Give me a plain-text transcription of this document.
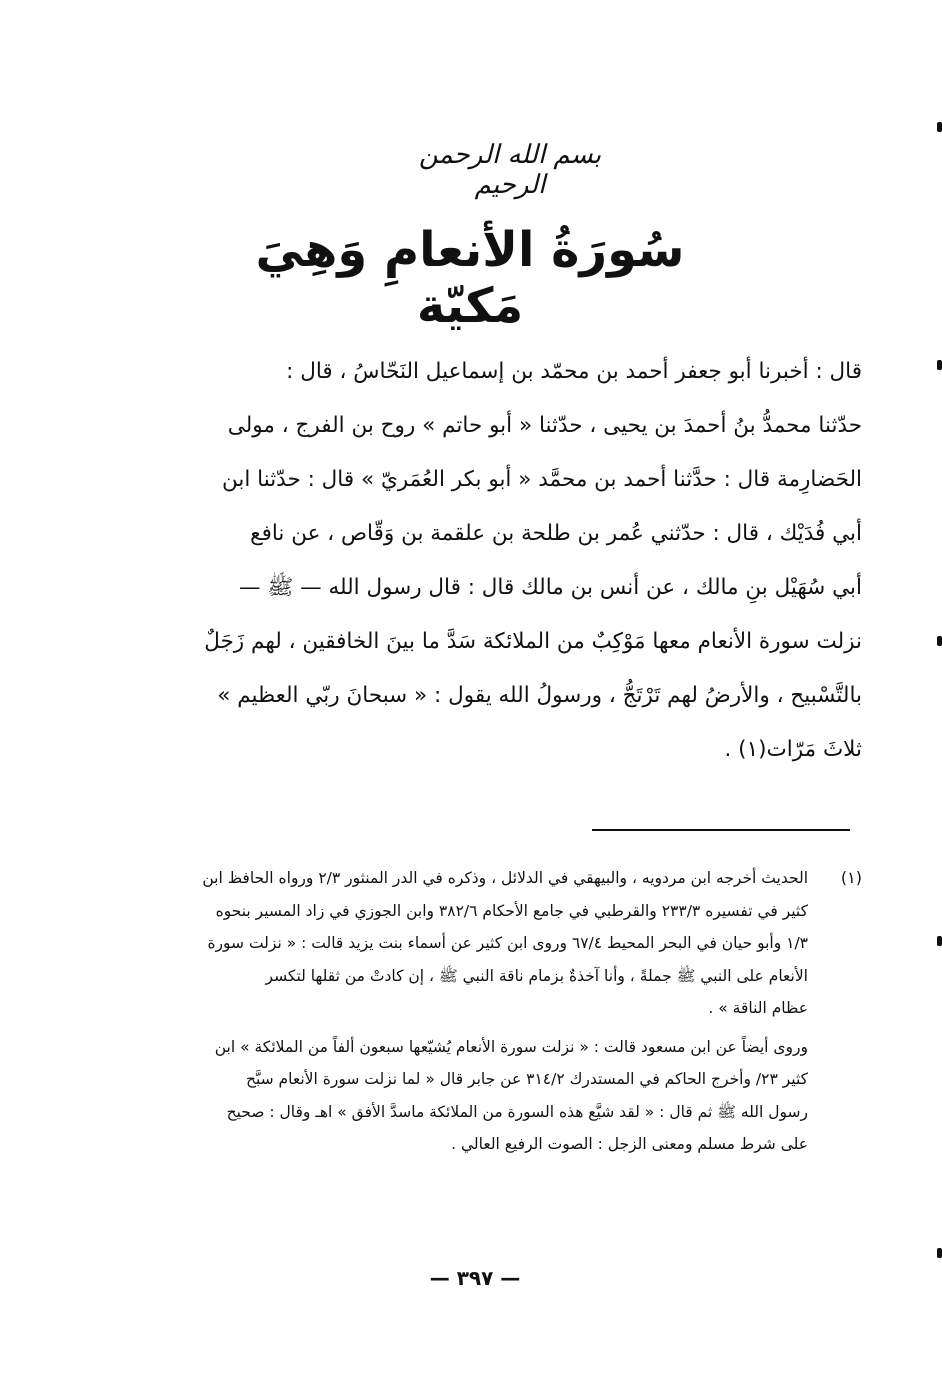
بسم الله الرحمن الرحيم
سُورَةُ الأنعامِ وَهِيَ مَكيّة
قال : أخبرنا أبو جعفر أحمد بن محمّد بن إسماعيل النَحّاسُ ، قال :
حدّثنا محمدُّ بنُ أحمدَ بن يحيى ، حدّثنا « أبو حاتم » روح بن الفرج ، مولى
الحَضارِمة قال : حدَّثنا أحمد بن محمَّد « أبو بكر العُمَريّ » قال : حدّثنا ابن
أبي فُدَيْك ، قال : حدّثني عُمر بن طلحة بن علقمة بن وَقّاص ، عن نافع
أبي سُهَيْل بنِ مالك ، عن أنس بن مالك قال : قال رسول الله — ﷺ —
نزلت سورة الأنعام معها مَوْكِبٌ من الملائكة سَدَّ ما بينَ الخافقين ، لهم زَجَلٌ
بالتَّسْبيح ، والأرضُ لهم تَرْتَجُّ ، ورسولُ الله يقول : « سبحانَ ربّي العظيم »
ثلاثَ مَرّات(١) .
(١)
الحديث أخرجه ابن مردويه ، والبيهقي في الدلائل ، وذكره في الدر المنثور ٢/٣ ورواه الحافظ ابن
كثير في تفسيره ٢٣٣/٣ والقرطبي في جامع الأحكام ٣٨٢/٦ وابن الجوزي في زاد المسير بنحوه
١/٣ وأبو حيان في البحر المحيط ٦٧/٤ وروى ابن كثير عن أسماء بنت يزيد قالت : « نزلت سورة
الأنعام على النبي ﷺ جملةً ، وأنا آخذةٌ بزمام ناقة النبي ﷺ ، إن كادتْ من ثقلها لتكسر
عظام الناقة » .
وروى أيضاً عن ابن مسعود قالت : « نزلت سورة الأنعام يُشيّعها سبعون ألفاً من الملائكة » ابن
كثير ٢٣/ وأخرج الحاكم في المستدرك ٣١٤/٢ عن جابر قال « لما نزلت سورة الأنعام سبَّح
رسول الله ﷺ ثم قال : « لقد شيَّع هذه السورة من الملائكة ماسدَّ الأفق » اهـ وقال : صحيح
على شرط مسلم ومعنى الزجل : الصوت الرفيع العالي .
— ٣٩٧ —
